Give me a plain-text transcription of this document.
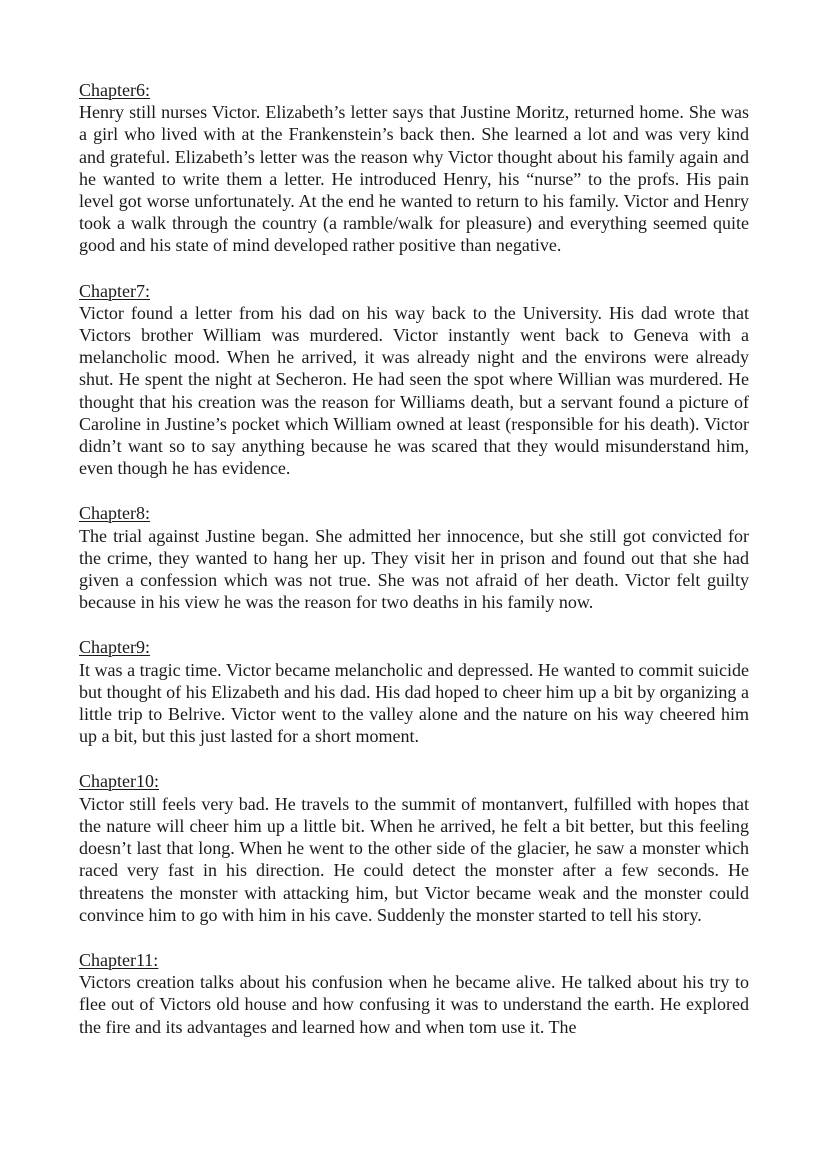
Chapter6:

Henry still nurses Victor. Elizabeth’s letter says that Justine Moritz, returned home. She was a girl who lived with at the Frankenstein’s back then. She learned a lot and was very kind and grateful. Elizabeth’s letter was the reason why Victor thought about his family again and he wanted to write them a letter. He introduced Henry, his “nurse” to the profs. His pain level got worse unfortunately. At the end he wanted to return to his family. Victor and Henry took a walk through the country (a ramble/walk for pleasure) and everything seemed quite good and his state of mind developed rather positive than negative.

Chapter7:

Victor found a letter from his dad on his way back to the University. His dad wrote that Victors brother William was murdered. Victor instantly went back to Geneva with a melancholic mood. When he arrived, it was already night and the environs were already shut. He spent the night at Secheron. He had seen the spot where Willian was murdered. He thought that his creation was the reason for Williams death, but a servant found a picture of Caroline in Justine’s pocket which William owned at least (responsible for his death). Victor didn’t want so to say anything because he was scared that they would misunderstand him, even though he has evidence.

Chapter8:

The trial against Justine began. She admitted her innocence, but she still got convicted for the crime, they wanted to hang her up. They visit her in prison and found out that she had given a confession which was not true. She was not afraid of her death. Victor felt guilty because in his view he was the reason for two deaths in his family now.

Chapter9:

It was a tragic time. Victor became melancholic and depressed. He wanted to commit suicide but thought of his Elizabeth and his dad. His dad hoped to cheer him up a bit by organizing a little trip to Belrive. Victor went to the valley alone and the nature on his way cheered him up a bit, but this just lasted for a short moment.

Chapter10:

Victor still feels very bad. He travels to the summit of montanvert, fulfilled with hopes that the nature will cheer him up a little bit. When he arrived, he felt a bit better, but this feeling doesn’t last that long. When he went to the other side of the glacier, he saw a monster which raced very fast in his direction. He could detect the monster after a few seconds. He threatens the monster with attacking him, but Victor became weak and the monster could convince him to go with him in his cave. Suddenly the monster started to tell his story.

Chapter11:

Victors creation talks about his confusion when he became alive. He talked about his try to flee out of Victors old house and how confusing it was to understand the earth. He explored the fire and its advantages and learned how and when tom use it. The
